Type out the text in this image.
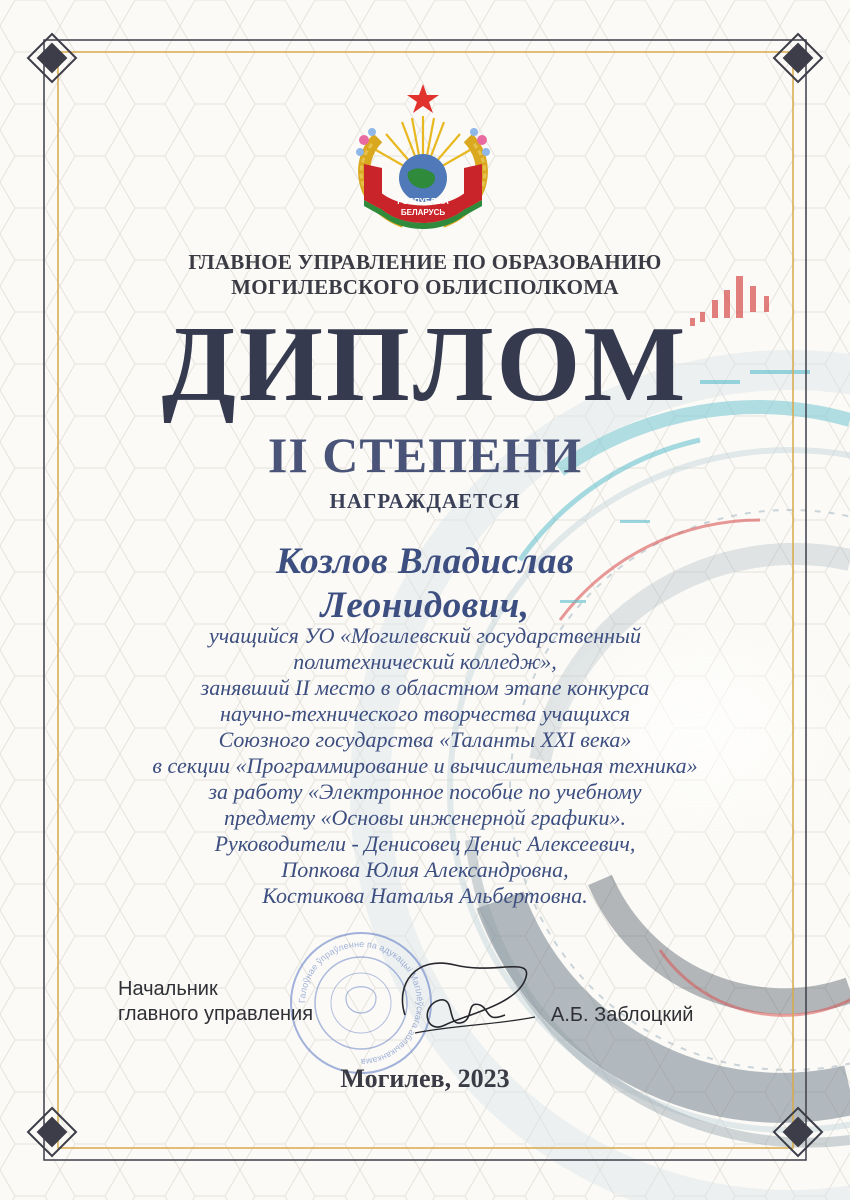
РЭСПУБЛІКА
БЕЛАРУСЬ

ГЛАВНОЕ УПРАВЛЕНИЕ ПО ОБРАЗОВАНИЮ

МОГИЛЕВСКОГО ОБЛИСПОЛКОМА

ДИПЛОМ

II СТЕПЕНИ

НАГРАЖДАЕТСЯ

Козлов Владислав

Леонидович,

учащийся УО «Могилевский государственный
политехнический колледж»,
занявший II место в областном этапе конкурса
научно-технического творчества учащихся
Союзного государства «Таланты XXI века»
в секции «Программирование и вычислительная техника»
за работу «Электронное пособие по учебному
предмету «Основы инженерной графики».
Руководители - Денисовец Денис Алексеевич,
Попкова Юлия Александровна,
Костикова Наталья Альбертовна.
Галоўнае ўпраўленне па адукацыі Магілёўскага аблвыканкама
Начальник
главного управления	А.Б. Заблоцкий

Могилев, 2023
